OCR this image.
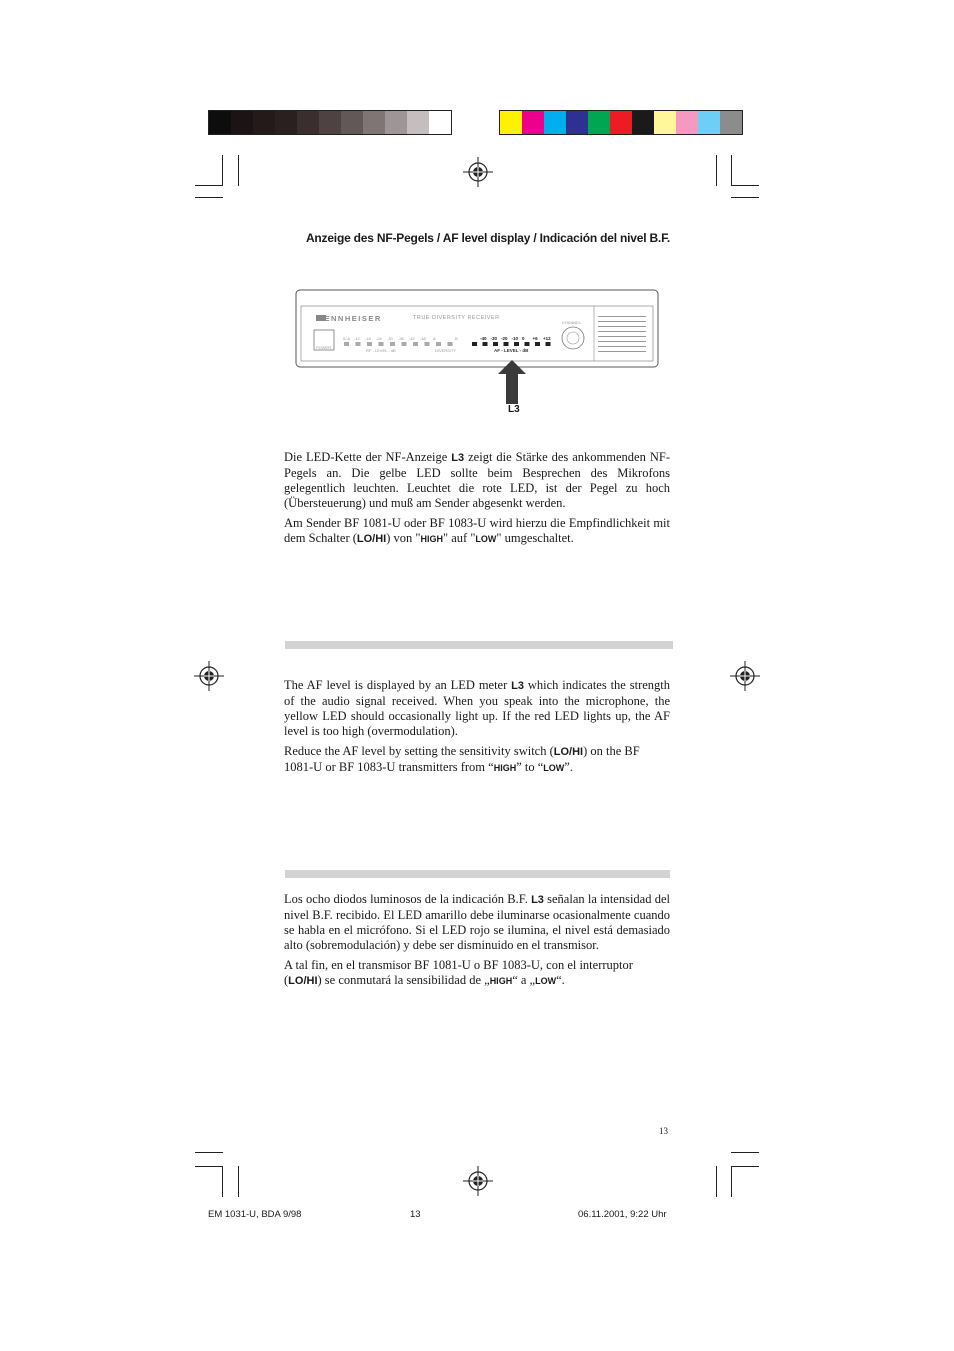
Anzeige des NF-Pegels / AF level display / Indicación del nivel B.F.
SENNHEISER	TRUE DIVERSITY RECEIVER
POWER
CHANNEL
RF - LEVEL - dB	DIVERSITY	AF - LEVEL - dB
0/-6 -12 -18 -24 -30 -36 -42 -48 A	B	-40 -30 -20 -10 0 +6 +12
L3

Die LED-Kette der NF-Anzeige L3 zeigt die Stärke des ankommenden NF-Pegels an. Die gelbe LED sollte beim Besprechen des Mikrofons gelegentlich leuchten. Leuchtet die rote LED, ist der Pegel zu hoch (Übersteuerung) und muß am Sender abgesenkt werden.

Am Sender BF 1081-U oder BF 1083-U wird hierzu die Empfindlichkeit mit dem Schalter (LO/HI) von "HIGH" auf "LOW" umgeschaltet.

The AF level is displayed by an LED meter L3 which indicates the strength of the audio signal received. When you speak into the microphone, the yellow LED should occasionally light up. If the red LED lights up, the AF level is too high (overmodulation).

Reduce the AF level by setting the sensitivity switch (LO/HI) on the BF 1081-U or BF 1083-U transmitters from “HIGH” to “LOW”.

Los ocho diodos luminosos de la indicación B.F. L3 señalan la intensidad del nivel B.F. recibido. El LED amarillo debe iluminarse ocasionalmente cuando se habla en el micrófono. Si el LED rojo se ilumina, el nivel está demasiado alto (sobremodulación) y debe ser disminuido en el transmisor.

A tal fin, en el transmisor BF 1081-U o BF 1083-U, con el interruptor (LO/HI) se conmutará la sensibilidad de „HIGH“ a „LOW“.

13
EM 1031-U, BDA 9/98	13	06.11.2001, 9:22 Uhr
